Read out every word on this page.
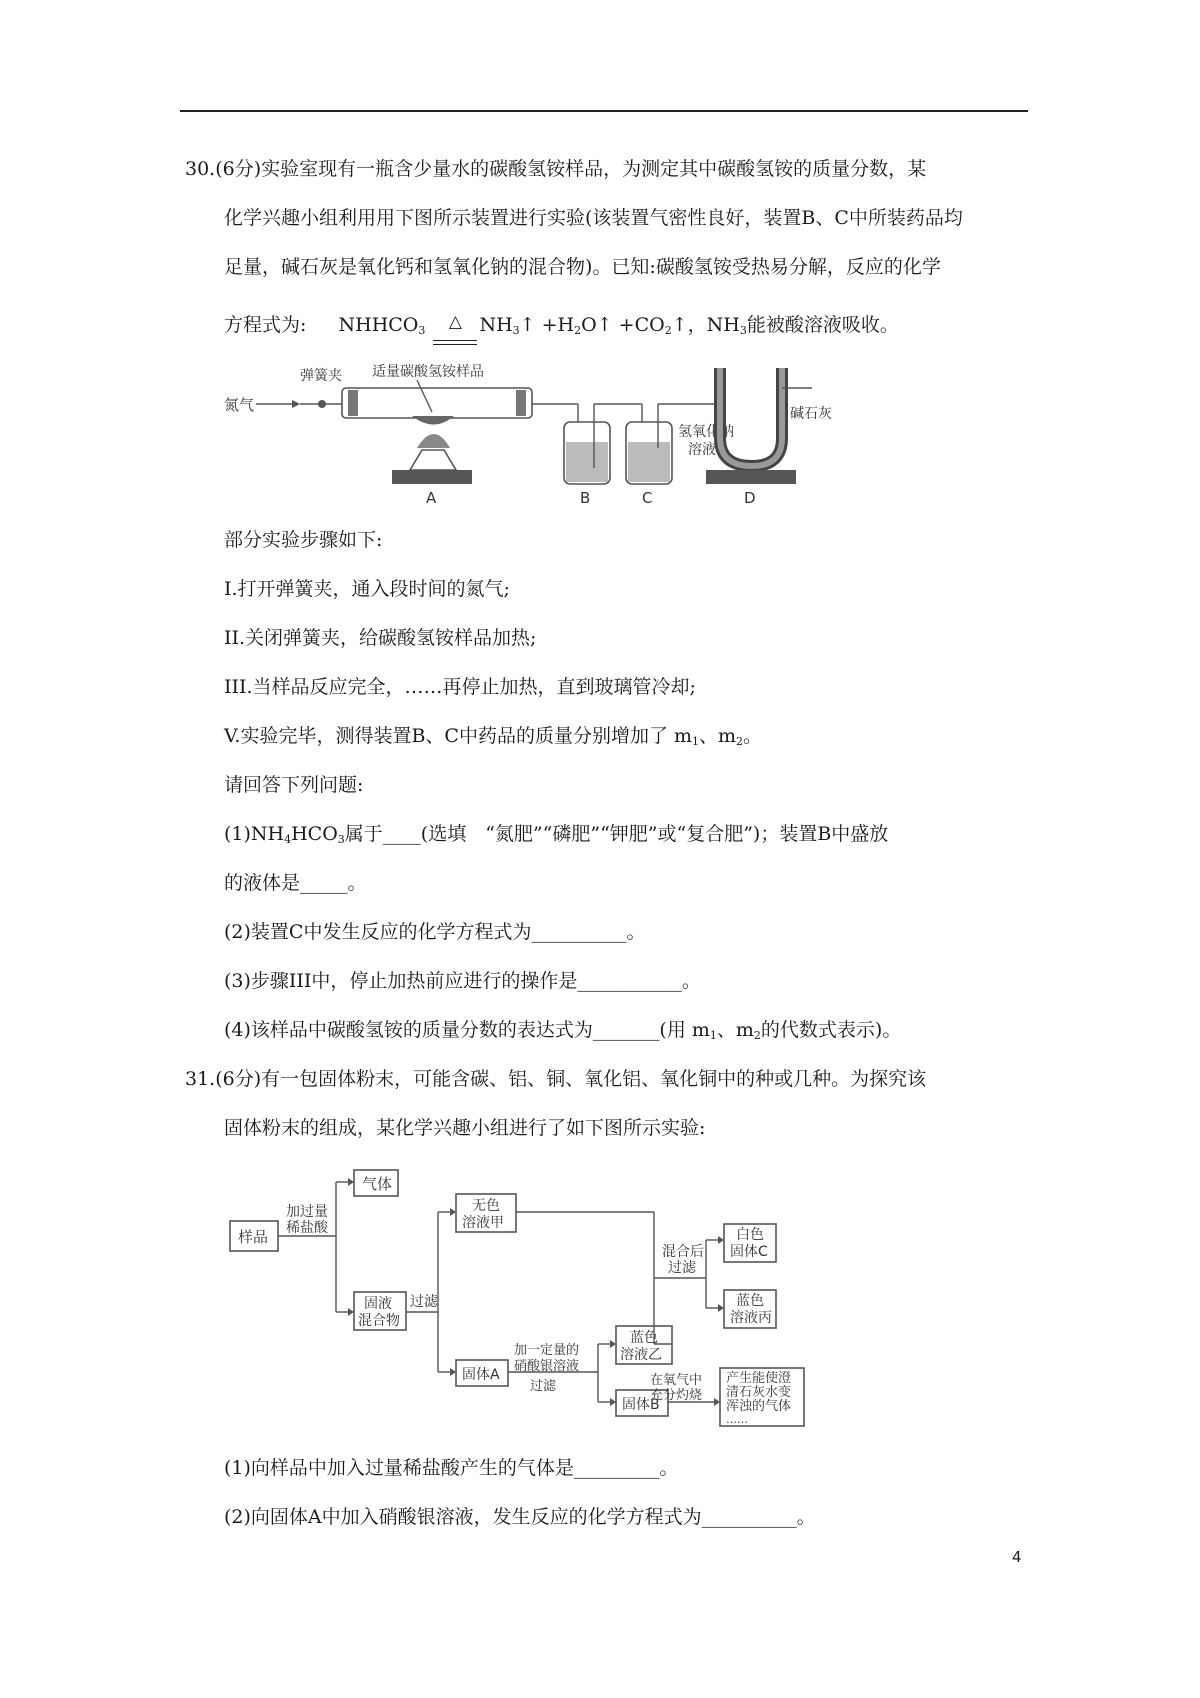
30.(6分)实验室现有一瓶含少量水的碳酸氢铵样品，为测定其中碳酸氢铵的质量分数，某
化学兴趣小组利用用下图所示装置进行实验(该装置气密性良好，装置B、C中所装药品均
足量，碱石灰是氧化钙和氢氧化钠的混合物)。已知:碳酸氢铵受热易分解，反应的化学
方程式为: $NHHCO_3$	△ $NH_3↑$ $+H_2O↑$ $+CO_2↑$，$NH_3$能被酸溶液吸收。
氮气
弹簧夹 适量碳酸氢铵样品
A	B	C
氢氧化钠
溶液
D
碱石灰
部分实验步骤如下:
I.打开弹簧夹，通入段时间的氮气;
II.关闭弹簧夹，给碳酸氢铵样品加热;
III.当样品反应完全，……再停止加热，直到玻璃管冷却;
V.实验完毕，测得装置B、C中药品的质量分别增加了 $m_1$、$m_2$。
请回答下列问题:
$(1)NH_4HCO_3$属于____(选填　“氮肥”“磷肥”“钾肥”或“复合肥”)；装置B中盛放
的液体是_____。
(2)装置C中发生反应的化学方程式为__________。
(3)步骤III中，停止加热前应进行的操作是___________。
(4)该样品中碳酸氢铵的质量分数的表达式为_______(用 $m_1$、$m_2$的代数式表示)。
31.(6分)有一包固体粉末，可能含碳、铝、铜、氧化铝、氧化铜中的种或几种。为探究该
固体粉末的组成，某化学兴趣小组进行了如下图所示实验:
样品
加过量
稀盐酸
气体
固液
混合物
过滤
无色
溶液甲
固体A
加一定量的
硝酸银溶液
过滤
蓝色
溶液乙
固体B
混合后
过滤
白色
固体C
蓝色
溶液丙
在氧气中
充分灼烧
产生能使澄
清石灰水变
浑浊的气体
……
(1)向样品中加入过量稀盐酸产生的气体是_________。
(2)向固体A中加入硝酸银溶液，发生反应的化学方程式为__________。
4
